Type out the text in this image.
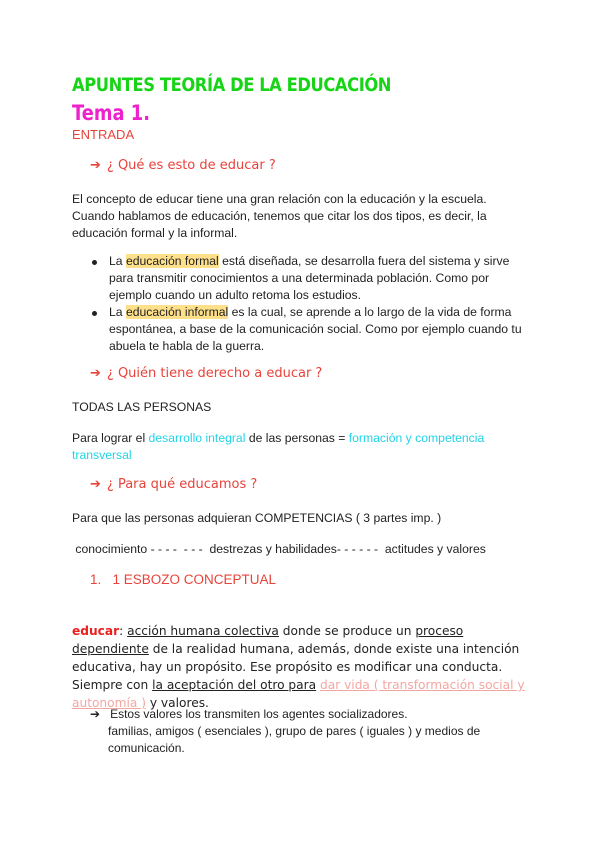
APUNTES TEORÍA DE LA EDUCACIÓN
Tema 1.
ENTRADA
➔ ¿ Qué es esto de educar ?
El concepto de educar tiene una gran relación con la educación y la escuela.
Cuando hablamos de educación, tenemos que citar los dos tipos, es decir, la
educación formal y la informal.
La educación formal está diseñada, se desarrolla fuera del sistema y sirve
para transmitir conocimientos a una determinada población. Como por
ejemplo cuando un adulto retoma los estudios.
La educación informal es la cual, se aprende a lo largo de la vida de forma
espontánea, a base de la comunicación social. Como por ejemplo cuando tu
abuela te habla de la guerra.
➔ ¿ Quién tiene derecho a educar ?
TODAS LAS PERSONAS
Para lograr el desarrollo integral de las personas = formación y competencia
transversal
➔ ¿ Para qué educamos ?
Para que las personas adquieran COMPETENCIAS ( 3 partes imp. )
conocimiento - - - -  - - -  destrezas y habilidades- - - - - -  actitudes y valores
1. 1 ESBOZO CONCEPTUAL
educar: acción humana colectiva donde se produce un proceso dependiente de la realidad humana, además, donde existe una intención educativa, hay un propósito. Ese propósito es modificar una conducta. Siempre con la aceptación del otro para dar vida ( transformación social y autonomía ) y valores.
➔ Estos valores los transmiten los agentes socializadores.
familias, amigos ( esenciales ), grupo de pares ( iguales ) y medios de
comunicación.
